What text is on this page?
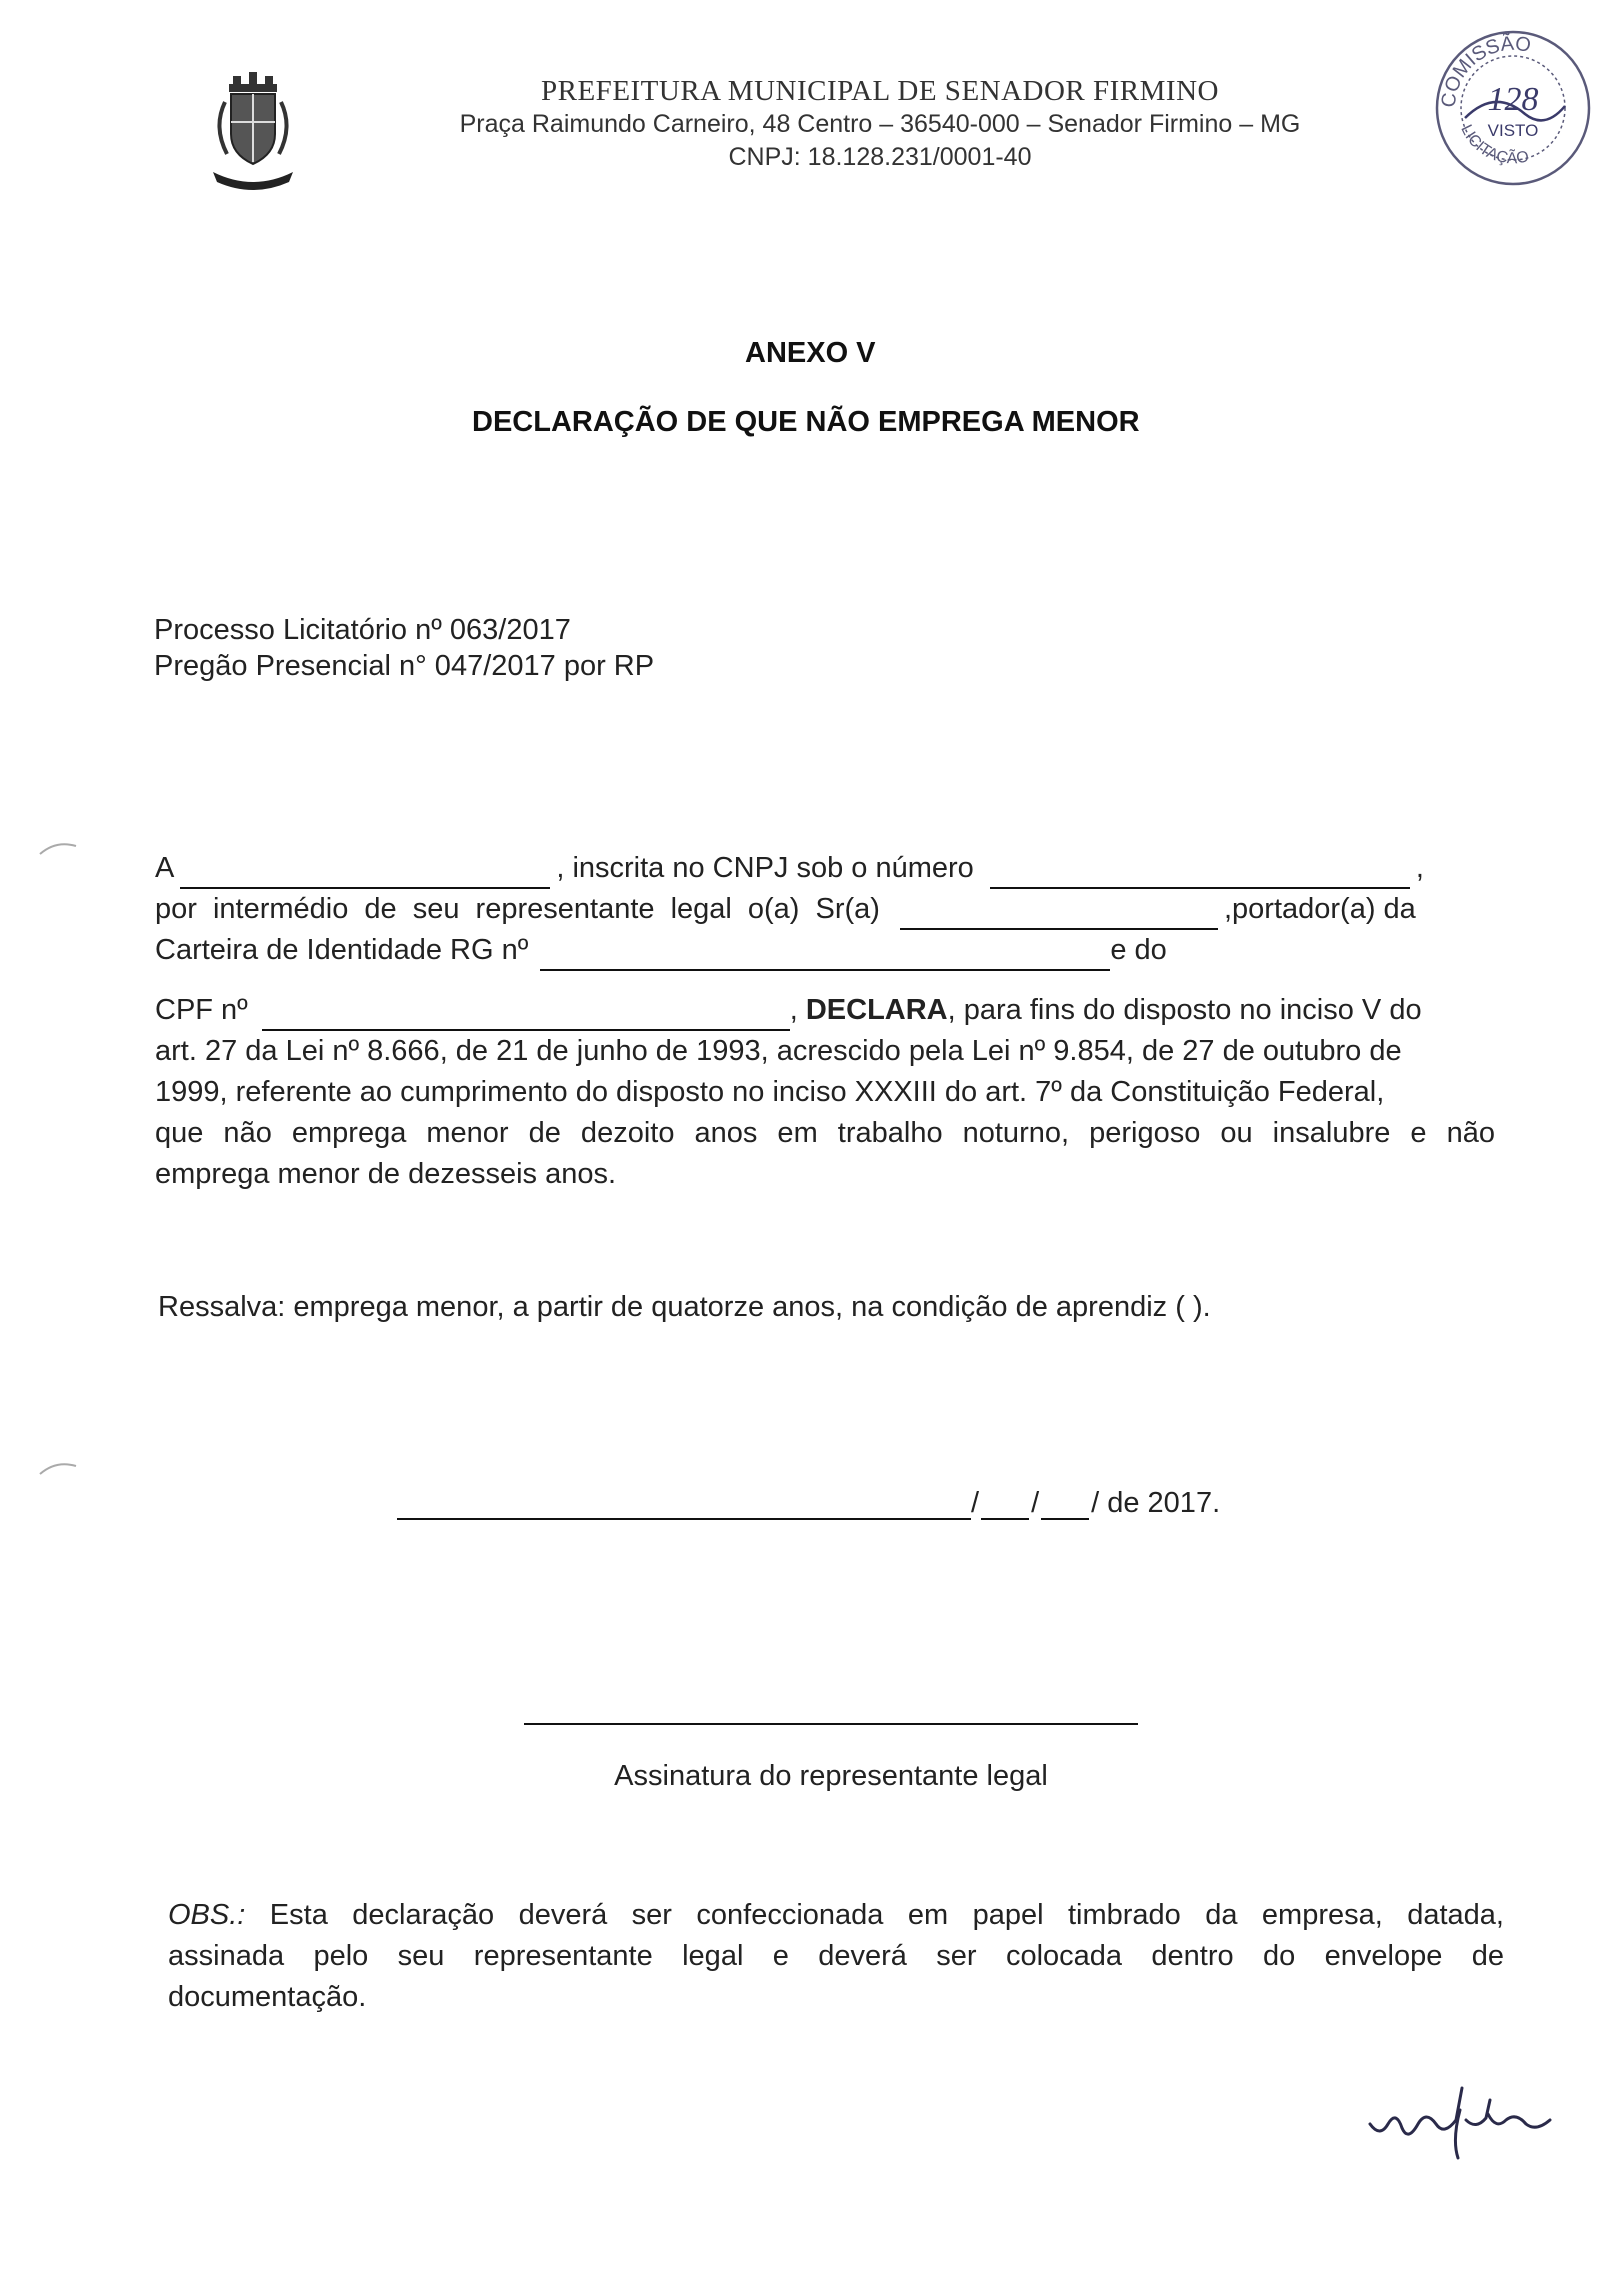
PREFEITURA MUNICIPAL DE SENADOR FIRMINO
Praça Raimundo Carneiro, 48 Centro – 36540-000 – Senador Firmino – MG
CNPJ: 18.128.231/0001-40
COMISSÃO
128
VISTO
LICITAÇÃO
ANEXO V
DECLARAÇÃO DE QUE NÃO EMPREGA MENOR
Processo Licitatório nº 063/2017
Pregão Presencial n° 047/2017 por RP
A	, inscrita no CNPJ sob o número	,
por intermédio de seu representante legal o(a) Sr(a)	,portador(a) da
Carteira de Identidade RG nº	e do
CPF nº	, DECLARA , para fins do disposto no inciso V do
art. 27 da Lei nº 8.666, de 21 de junho de 1993, acrescido pela Lei nº 9.854, de 27 de outubro de
1999, referente ao cumprimento do disposto no inciso XXXIII do art. 7º da Constituição Federal,
que não emprega menor de dezoito anos em trabalho noturno, perigoso ou insalubre e não
emprega menor de dezesseis anos.
Ressalva: emprega menor, a partir de quatorze anos, na condição de aprendiz ( ).
/ / / de 2017.
Assinatura do representante legal
OBS.: Esta declaração deverá ser confeccionada em papel timbrado da empresa, datada,
assinada pelo seu representante legal e deverá ser colocada dentro do envelope de
documentação.
